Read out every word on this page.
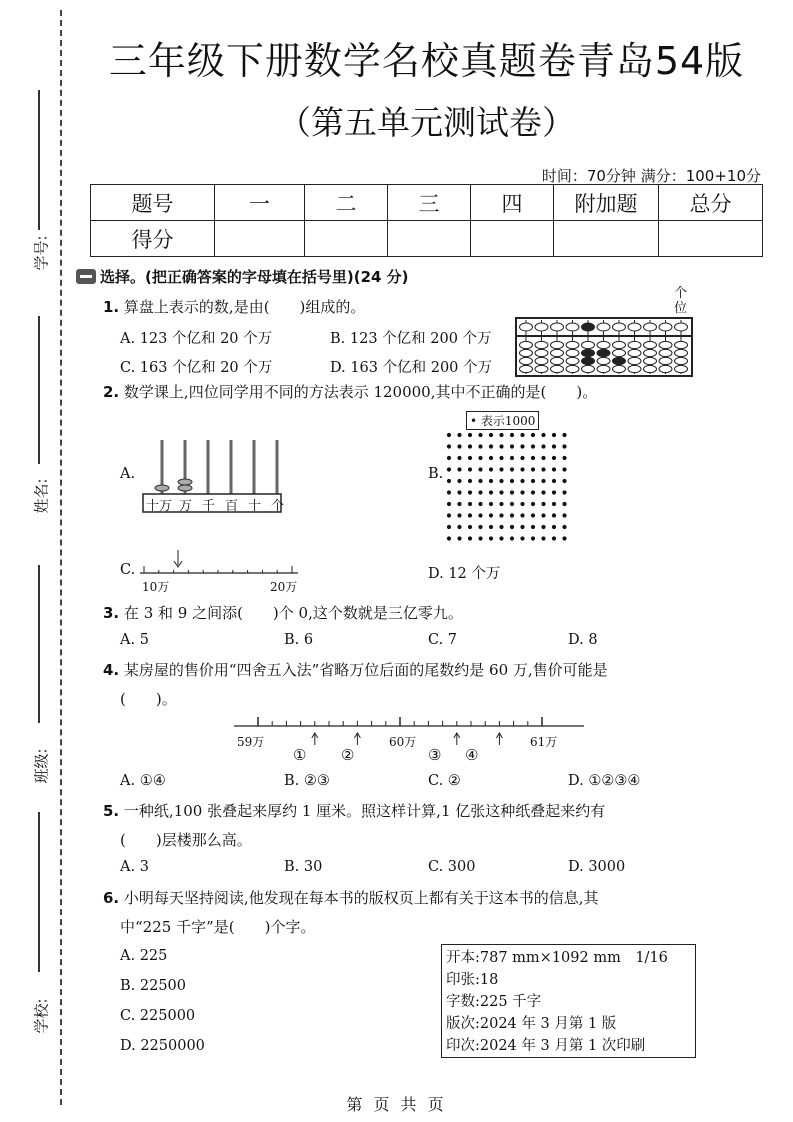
学号:
姓名:
班级:
学校:
三年级下册数学名校真题卷青岛54版
（第五单元测试卷）
时间：70分钟 满分：100+10分
题号	一	二	三	四	附加题	总分
得分						
选择。(把正确答案的字母填在括号里)(24 分)
1. 算盘上表示的数,是由(　　)组成的。
A. 123 个亿和 20 个万	B. 123 个亿和 200 个万
C. 163 个亿和 20 个万	D. 163 个亿和 200 个万
个
位
2. 数学课上,四位同学用不同的方法表示 120000,其中不正确的是(　　)。
A.
十万 万 千 百 十 个
B.
• 表示1000
C.
10万	20万
D. 12 个万
3. 在 3 和 9 之间添(　　)个 0,这个数就是三亿零九。
A. 5	B. 6	C. 7	D. 8
4. 某房屋的售价用“四舍五入法”省略万位后面的尾数约是 60 万,售价可能是
(　　)。
59万	60万	61万
① ②	③ ④
A. ①④	B. ②③	C. ②	D. ①②③④
5. 一种纸,100 张叠起来厚约 1 厘米。照这样计算,1 亿张这种纸叠起来约有
(　　)层楼那么高。
A. 3	B. 30	C. 300	D. 3000
6. 小明每天坚持阅读,他发现在每本书的版权页上都有关于这本书的信息,其
中“225 千字”是(　　)个字。
A. 225
B. 22500
C. 225000
D. 2250000
开本:787 mm×1092 mm　1/16
印张:18
字数:225 千字
版次:2024 年 3 月第 1 版
印次:2024 年 3 月第 1 次印刷
第 页 共 页
